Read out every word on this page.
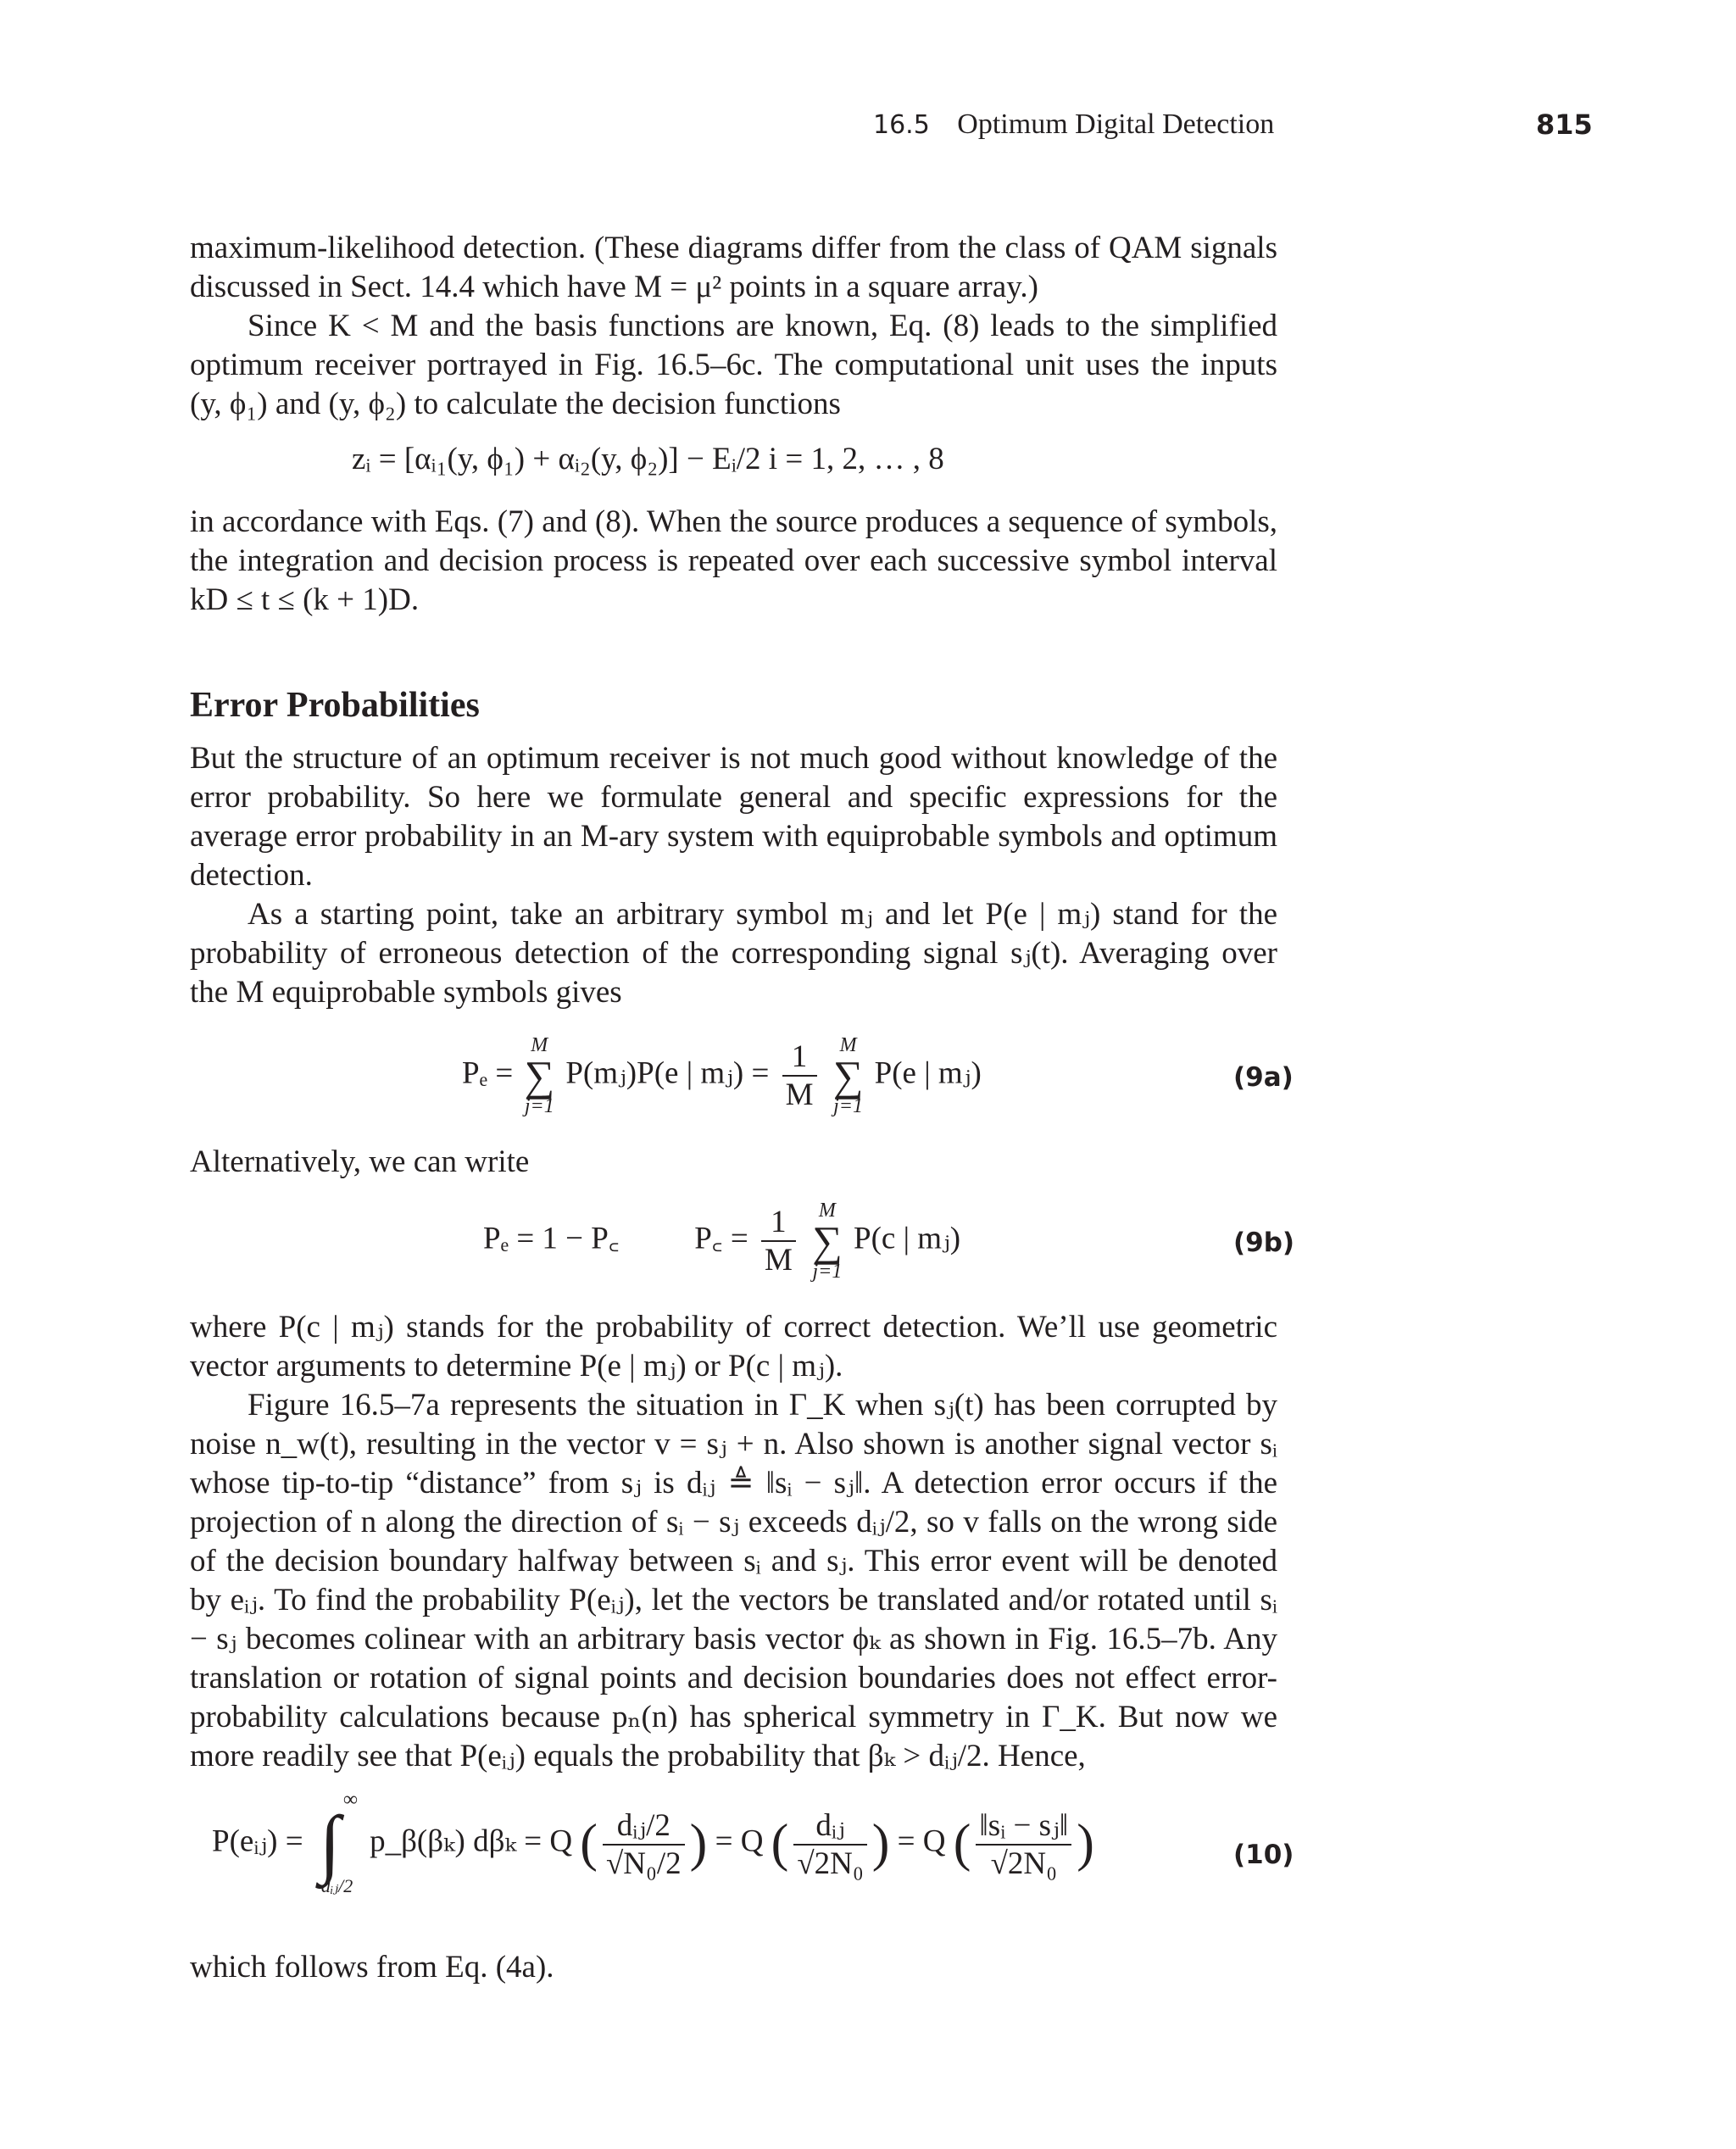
16.5 Optimum Digital Detection	815

maximum-likelihood detection. (These diagrams differ from the class of QAM signals discussed in Sect. 14.4 which have M = μ² points in a square array.)

Since K < M and the basis functions are known, Eq. (8) leads to the simplified optimum receiver portrayed in Fig. 16.5–6c. The computational unit uses the inputs (y, ϕ₁) and (y, ϕ₂) to calculate the decision functions

zᵢ = [αᵢ₁(y, ϕ₁) + αᵢ₂(y, ϕ₂)] − Eᵢ/2 i = 1, 2, … , 8

in accordance with Eqs. (7) and (8). When the source produces a sequence of symbols, the integration and decision process is repeated over each successive symbol interval kD ≤ t ≤ (k + 1)D.

Error Probabilities

But the structure of an optimum receiver is not much good without knowledge of the error probability. So here we formulate general and specific expressions for the average error probability in an M-ary system with equiprobable symbols and optimum detection.

As a starting point, take an arbitrary symbol mⱼ and let P(e | mⱼ) stand for the probability of erroneous detection of the corresponding signal sⱼ(t). Averaging over the M equiprobable symbols gives

Pₑ =
M
∑
j=1
P(mⱼ)P(e | mⱼ) = $\frac{1}{M}$
	M
∑
j=1
P(e | mⱼ)	(9a)

Alternatively, we can write

Pₑ = 1 − P꜀ P꜀ = $\frac{1}{M}$
	M
∑
j=1
P(c | mⱼ)	(9b)

where P(c | mⱼ) stands for the probability of correct detection. We’ll use geometric vector arguments to determine P(e | mⱼ) or P(c | mⱼ).

Figure 16.5–7a represents the situation in Γ_K when sⱼ(t) has been corrupted by noise n_w(t), resulting in the vector v = sⱼ + n. Also shown is another signal vector sᵢ whose tip-to-tip “distance” from sⱼ is dᵢⱼ ≜ ‖sᵢ − sⱼ‖. A detection error occurs if the projection of n along the direction of sᵢ − sⱼ exceeds dᵢⱼ/2, so v falls on the wrong side of the decision boundary halfway between sᵢ and sⱼ. This error event will be denoted by eᵢⱼ. To find the probability P(eᵢⱼ), let the vectors be translated and/or rotated until sᵢ − sⱼ becomes colinear with an arbitrary basis vector ϕₖ as shown in Fig. 16.5–7b. Any translation or rotation of signal points and decision boundaries does not effect error-probability calculations because pₙ(n) has spherical symmetry in Γ_K. But now we more readily see that P(eᵢⱼ) equals the probability that βₖ > dᵢⱼ/2. Hence,

P(eᵢⱼ) = ∫
∞
dᵢⱼ/2
p_β(βₖ) dβₖ = Q ( $\frac{\text{dᵢⱼ/2}}{\text{√N₀/2}}$ ) = Q ( $\frac{\text{dᵢⱼ}}{\text{√2N₀}}$ ) = Q ( $\frac{\text{‖sᵢ − sⱼ‖}}{\text{√2N₀}}$ )	(10)

which follows from Eq. (4a).
